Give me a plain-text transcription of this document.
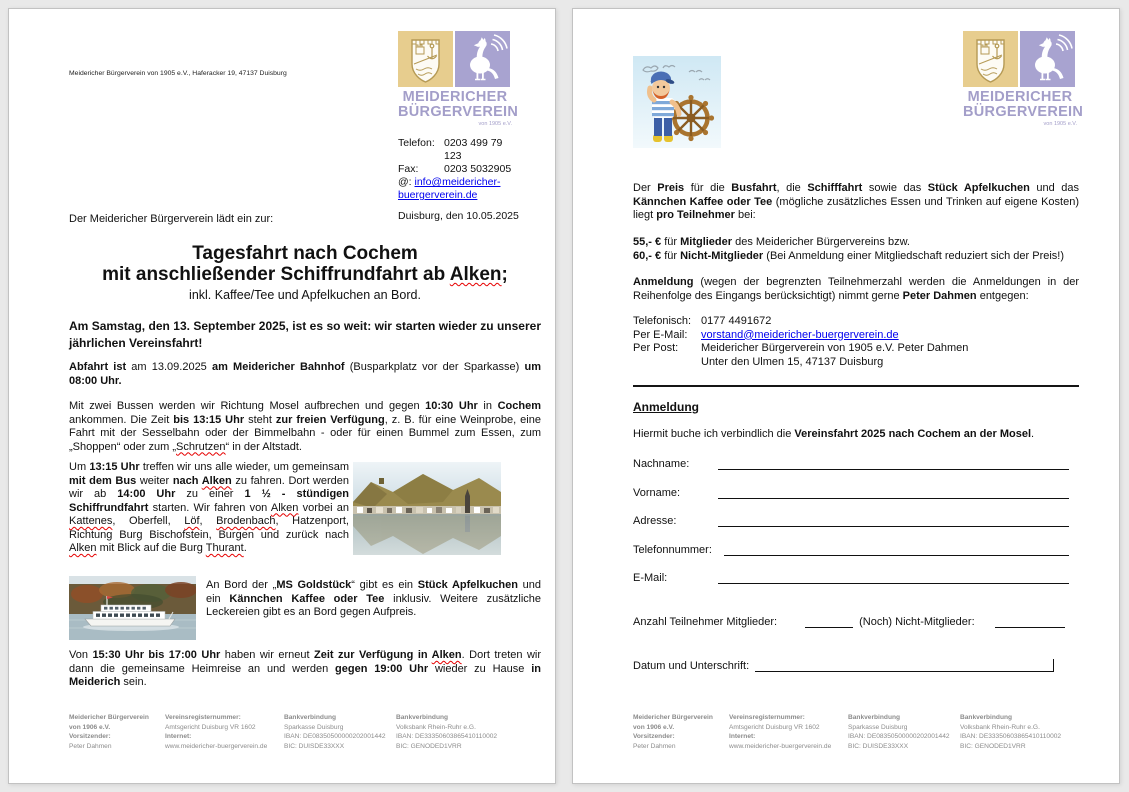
Meidericher Bürgerverein von 1905 e.V., Haferacker 19, 47137 Duisburg
MEIDERICHER
BÜRGERVEREIN
von 1905 e.V.
Telefon: 0203 499 79 123
Fax:	0203 5032905
@: info@meidericher-buergerverein.de
Duisburg, den 10.05.2025
Der Meidericher Bürgerverein lädt ein zur:
Tagesfahrt nach Cochem
mit anschließender Schiffrundfahrt ab Alken;
inkl. Kaffee/Tee und Apfelkuchen an Bord.
Am Samstag, den 13. September 2025, ist es so weit: wir starten wieder zu unserer jährlichen Vereinsfahrt!
Abfahrt ist am 13.09.2025 am Meidericher Bahnhof (Busparkplatz vor der Sparkasse) um 08:00 Uhr.
Mit zwei Bussen werden wir Richtung Mosel aufbrechen und gegen 10:30 Uhr in Cochem ankommen. Die Zeit bis 13:15 Uhr steht zur freien Verfügung, z. B. für eine Weinprobe, eine Fahrt mit der Sesselbahn oder der Bimmelbahn - oder für einen Bummel zum Essen, zum „Shoppen“ oder zum „Schrutzen“ in der Altstadt.
Um 13:15 Uhr treffen wir uns alle wieder, um gemeinsam mit dem Bus weiter nach Alken zu fahren. Dort werden wir ab 14:00 Uhr zu einer 1 ½ - stündigen Schiffrundfahrt starten. Wir fahren von Alken vorbei an Kattenes, Oberfell, Löf, Brodenbach, Hatzenport, Richtung Burg Bischofstein, Burgen und zurück nach Alken mit Blick auf die Burg Thurant.
An Bord der „MS Goldstück“ gibt es ein Stück Apfelkuchen und ein Kännchen Kaffee oder Tee inklusiv. Weitere zusätzliche Leckereien gibt es an Bord gegen Aufpreis.
Von 15:30 Uhr bis 17:00 Uhr haben wir erneut Zeit zur Verfügung in Alken. Dort treten wir dann die gemeinsame Heimreise an und werden gegen 19:00 Uhr wieder zu Hause in Meiderich sein.
Meidericher Bürgerverein
von 1906 e.V.
Vorsitzender:
Peter Dahmen
Vereinsregisternummer:
Amtsgericht Duisburg VR 1602
Internet:
www.meidericher-buergerverein.de
Bankverbindung
Sparkasse Duisburg
IBAN: DE08350500000202001442
BIC: DUISDE33XXX
Bankverbindung
Volksbank Rhein-Ruhr e.G.
IBAN: DE33350603865410110002
BIC: GENODED1VRR
MEIDERICHER
BÜRGERVEREIN
von 1905 e.V.
Der Preis für die Busfahrt, die Schifffahrt sowie das Stück Apfelkuchen und das Kännchen Kaffee oder Tee (mögliche zusätzliches Essen und Trinken auf eigene Kosten) liegt pro Teilnehmer bei:
55,- € für Mitglieder des Meidericher Bürgervereins bzw.
60,- € für Nicht-Mitglieder (Bei Anmeldung einer Mitgliedschaft reduziert sich der Preis!)
Anmeldung (wegen der begrenzten Teilnehmerzahl werden die Anmeldungen in der Reihenfolge des Eingangs berücksichtigt) nimmt gerne Peter Dahmen entgegen:
Telefonisch: 0177 4491672
Per E-Mail:	vorstand@meidericher-buergerverein.de
Per Post:	Meidericher Bürgerverein von 1905 e.V. Peter Dahmen
Unter den Ulmen 15, 47137 Duisburg
Anmeldung
Hiermit buche ich verbindlich die Vereinsfahrt 2025 nach Cochem an der Mosel.
Nachname:
Vorname:
Adresse:
Telefonnummer:
E-Mail:
Anzahl Teilnehmer Mitglieder:	(Noch) Nicht-Mitglieder:
Datum und Unterschrift:
Meidericher Bürgerverein
von 1906 e.V.
Vorsitzender:
Peter Dahmen
Vereinsregisternummer:
Amtsgericht Duisburg VR 1602
Internet:
www.meidericher-buergerverein.de
Bankverbindung
Sparkasse Duisburg
IBAN: DE08350500000202001442
BIC: DUISDE33XXX
Bankverbindung
Volksbank Rhein-Ruhr e.G.
IBAN: DE33350603865410110002
BIC: GENODED1VRR
